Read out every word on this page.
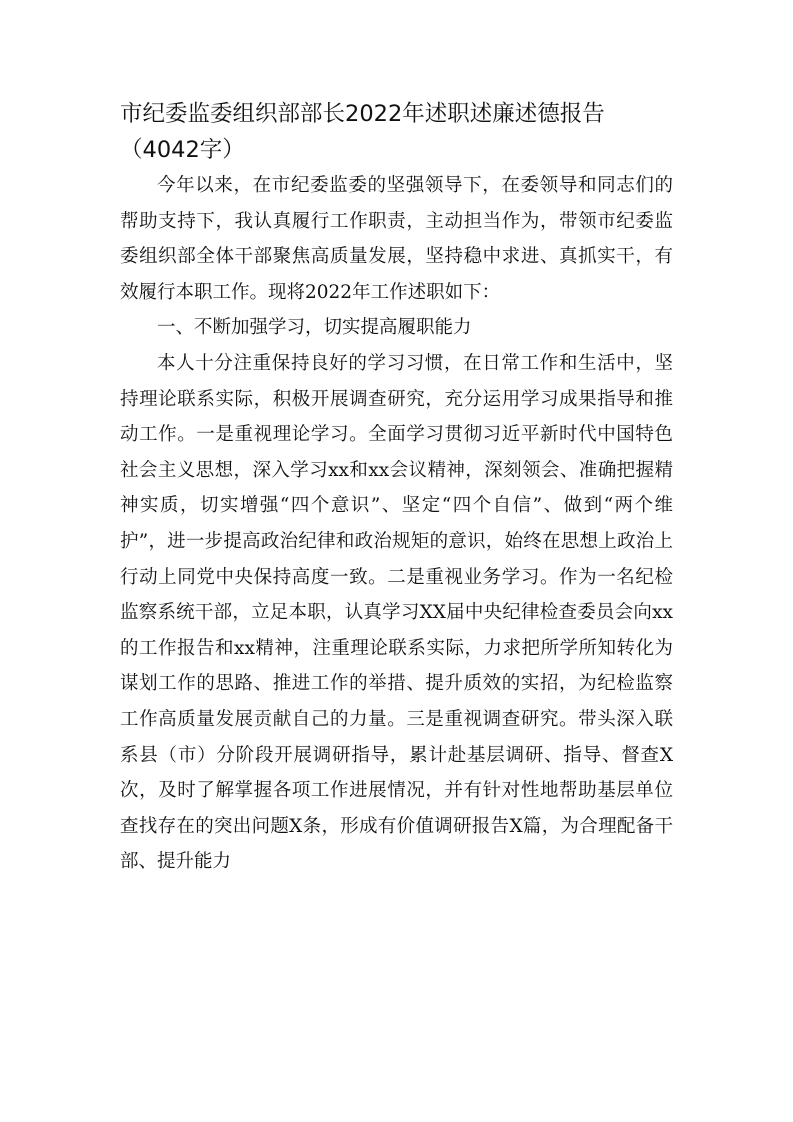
市纪委监委组织部部长2022年述职述廉述德报告（4042字）

今年以来，在市纪委监委的坚强领导下，在委领导和同志们的帮助支持下，我认真履行工作职责，主动担当作为，带领市纪委监委组织部全体干部聚焦高质量发展，坚持稳中求进、真抓实干，有效履行本职工作。现将2022年工作述职如下：

一、不断加强学习，切实提高履职能力

本人十分注重保持良好的学习习惯，在日常工作和生活中，坚持理论联系实际，积极开展调查研究，充分运用学习成果指导和推动工作。一是重视理论学习。全面学习贯彻习近平新时代中国特色社会主义思想，深入学习xx和xx会议精神，深刻领会、准确把握精神实质，切实增强“四个意识”、坚定“四个自信”、做到“两个维护”，进一步提高政治纪律和政治规矩的意识，始终在思想上政治上行动上同党中央保持高度一致。二是重视业务学习。作为一名纪检监察系统干部，立足本职，认真学习XX届中央纪律检查委员会向xx的工作报告和xx精神，注重理论联系实际，力求把所学所知转化为谋划工作的思路、推进工作的举措、提升质效的实招，为纪检监察工作高质量发展贡献自己的力量。三是重视调查研究。带头深入联系县（市）分阶段开展调研指导，累计赴基层调研、指导、督查X次，及时了解掌握各项工作进展情况，并有针对性地帮助基层单位查找存在的突出问题X条，形成有价值调研报告X篇，为合理配备干部、提升能力
